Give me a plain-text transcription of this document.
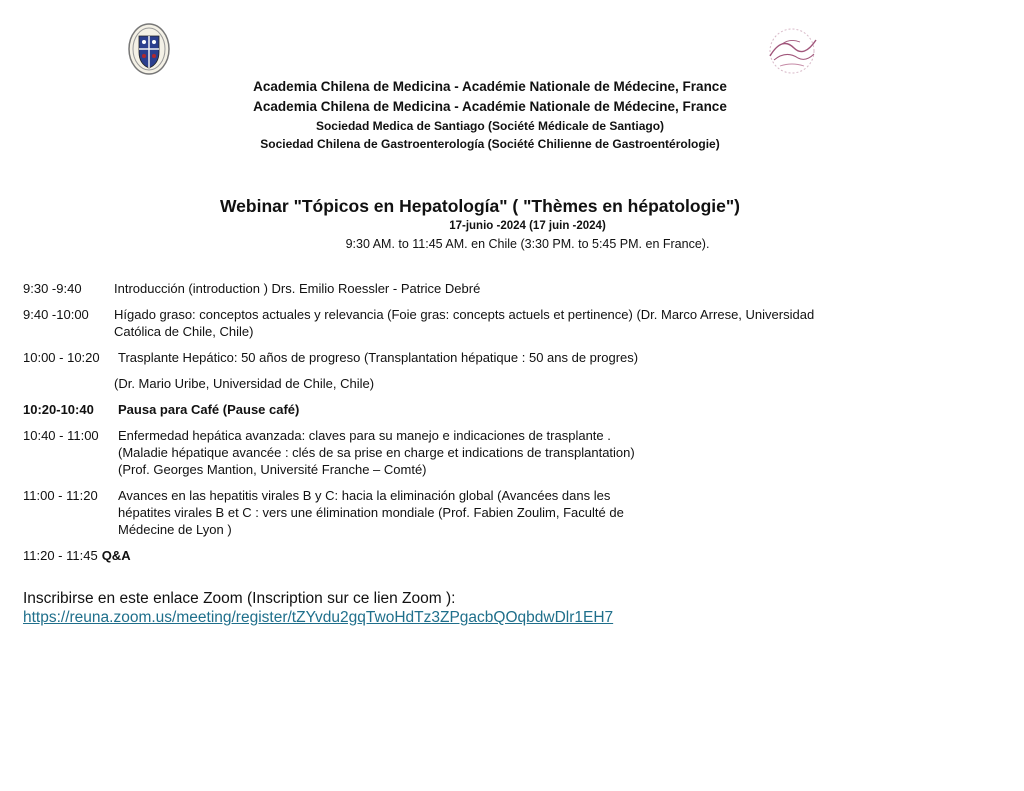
Academia Chilena de Medicina - Académie Nationale de Médecine, France
Academia Chilena de Medicina - Académie Nationale de Médecine, France
Sociedad Medica de Santiago (Société Médicale de Santiago)
Sociedad Chilena de Gastroenterología (Société Chilienne de Gastroentérologie)
Webinar "Tópicos en Hepatología" ( "Thèmes en hépatologie")
17-junio -2024 (17 juin -2024)
9:30 AM. to 11:45 AM. en Chile (3:30 PM. to 5:45 PM. en France).
9:30 -9:40	Introducción (introduction ) Drs. Emilio Roessler - Patrice Debré
9:40 -10:00	Hígado graso: conceptos actuales y relevancia (Foie gras: concepts actuels et pertinence) (Dr. Marco Arrese, Universidad
Católica de Chile, Chile)
10:00 - 10:20	Trasplante Hepático: 50 años de progreso (Transplantation hépatique : 50 ans de progres)
(Dr. Mario Uribe, Universidad de Chile, Chile)
10:20-10:40	Pausa para Café (Pause café)
10:40 - 11:00	Enfermedad hepática avanzada: claves para su manejo e indicaciones de trasplante .
(Maladie hépatique avancée : clés de sa prise en charge et indications de transplantation)
(Prof. Georges Mantion, Université Franche – Comté)
11:00 - 11:20	Avances en las hepatitis virales B y C: hacia la eliminación global (Avancées dans les
hépatites virales B et C : vers une élimination mondiale (Prof. Fabien Zoulim, Faculté de
Médecine de Lyon )
11:20 - 11:45 Q&A
Inscribirse en este enlace Zoom (Inscription sur ce lien Zoom ):
https://reuna.zoom.us/meeting/register/tZYvdu2gqTwoHdTz3ZPgacbQOqbdwDlr1EH7
